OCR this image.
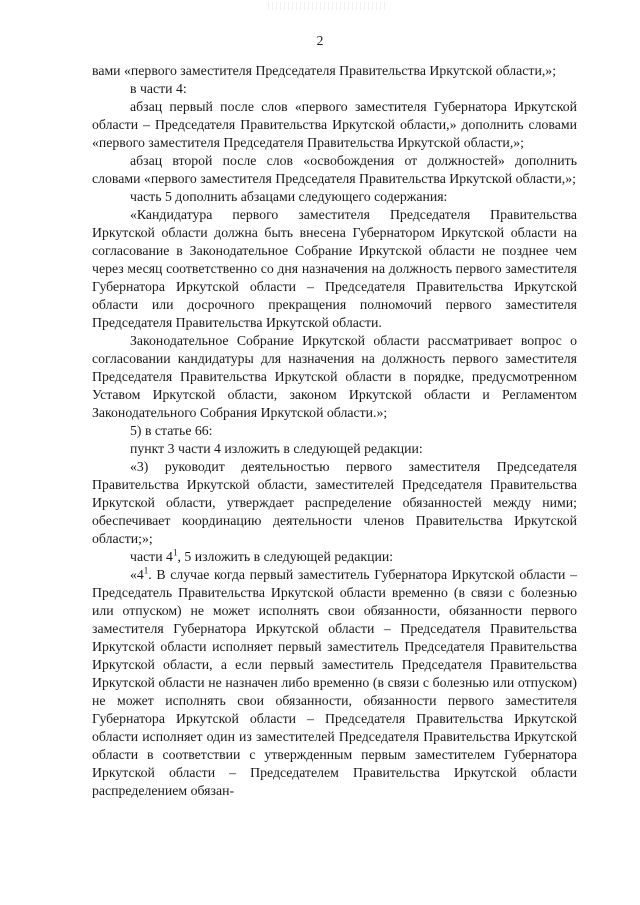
2

вами «первого заместителя Председателя Правительства Иркутской области,»;

в части 4:

абзац первый после слов «первого заместителя Губернатора Иркутской области – Председателя Правительства Иркутской области,» дополнить словами «первого заместителя Председателя Правительства Иркутской области,»;

абзац второй после слов «освобождения от должностей» дополнить словами «первого заместителя Председателя Правительства Иркутской области,»;

часть 5 дополнить абзацами следующего содержания:

«Кандидатура первого заместителя Председателя Правительства Иркутской области должна быть внесена Губернатором Иркутской области на согласование в Законодательное Собрание Иркутской области не позднее чем через месяц соответственно со дня назначения на должность первого заместителя Губернатора Иркутской области – Председателя Правительства Иркутской области или досрочного прекращения полномочий первого заместителя Председателя Правительства Иркутской области.

Законодательное Собрание Иркутской области рассматривает вопрос о согласовании кандидатуры для назначения на должность первого заместителя Председателя Правительства Иркутской области в порядке, предусмотренном Уставом Иркутской области, законом Иркутской области и Регламентом Законодательного Собрания Иркутской области.»;

5) в статье 66:

пункт 3 части 4 изложить в следующей редакции:

«3) руководит деятельностью первого заместителя Председателя Правительства Иркутской области, заместителей Председателя Правительства Иркутской области, утверждает распределение обязанностей между ними; обеспечивает координацию деятельности членов Правительства Иркутской области;»;

части $4^1$, 5 изложить в следующей редакции:

«$4^1$. В случае когда первый заместитель Губернатора Иркутской области – Председатель Правительства Иркутской области временно (в связи с болезнью или отпуском) не может исполнять свои обязанности, обязанности первого заместителя Губернатора Иркутской области – Председателя Правительства Иркутской области исполняет первый заместитель Председателя Правительства Иркутской области, а если первый заместитель Председателя Правительства Иркутской области не назначен либо временно (в связи с болезнью или отпуском) не может исполнять свои обязанности, обязанности первого заместителя Губернатора Иркутской области – Председателя Правительства Иркутской области исполняет один из заместителей Председателя Правительства Иркутской области в соответствии с утвержденным первым заместителем Губернатора Иркутской области – Председателем Правительства Иркутской области распределением обязан-
